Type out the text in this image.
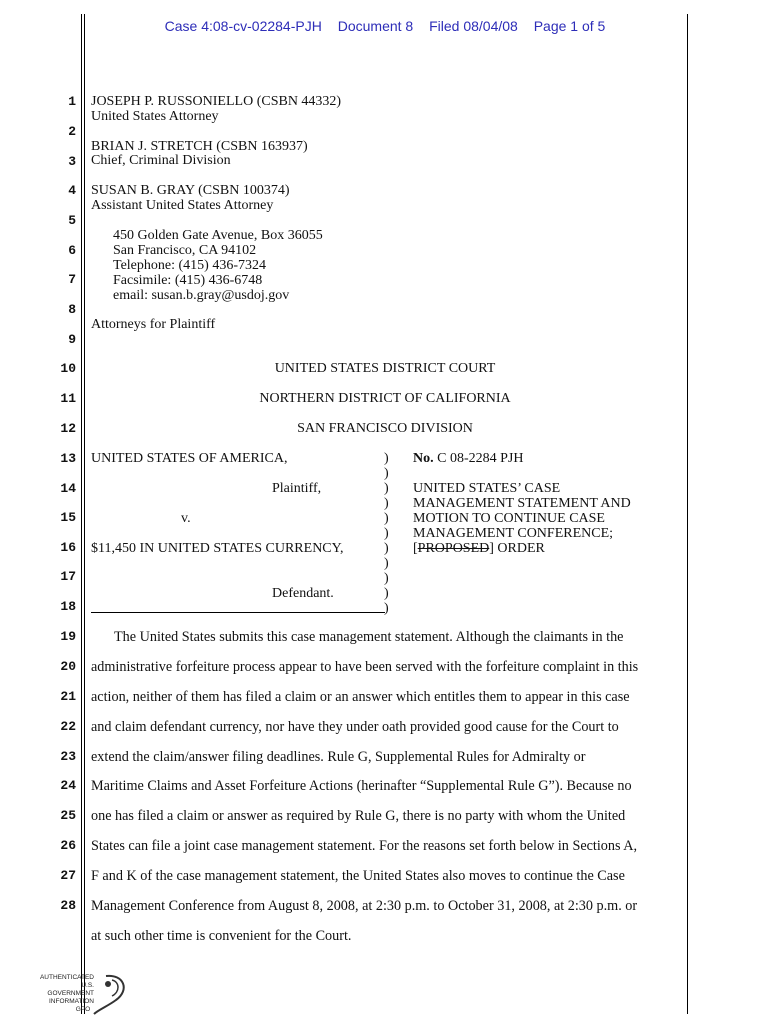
Case 4:08-cv-02284-PJH Document 8 Filed 08/04/08 Page 1 of 5
1
2
3
4
5
6
7
8
9
10
11
12
13
14
15
16
17
18
19
20
21
22
23
24
25
26
27
28
JOSEPH P. RUSSONIELLO (CSBN 44332)
United States Attorney
BRIAN J. STRETCH (CSBN 163937)
Chief, Criminal Division
SUSAN B. GRAY (CSBN 100374)
Assistant United States Attorney
450 Golden Gate Avenue, Box 36055
San Francisco, CA 94102
Telephone: (415) 436-7324
Facsimile: (415) 436-6748
email: susan.b.gray@usdoj.gov
Attorneys for Plaintiff
UNITED STATES DISTRICT COURT
NORTHERN DISTRICT OF CALIFORNIA
SAN FRANCISCO DIVISION
UNITED STATES OF AMERICA,
Plaintiff,
v.
$11,450 IN UNITED STATES CURRENCY,
Defendant.
)
)
)
)
)
)
)
)
)
)
)
No. C 08-2284 PJH
UNITED STATES’ CASE
MANAGEMENT STATEMENT AND
MOTION TO CONTINUE CASE
MANAGEMENT CONFERENCE;
[PROPOSED] ORDER
The United States submits this case management statement. Although the claimants in the
administrative forfeiture process appear to have been served with the forfeiture complaint in this
action, neither of them has filed a claim or an answer which entitles them to appear in this case
and claim defendant currency, nor have they under oath provided good cause for the Court to
extend the claim/answer filing deadlines. Rule G, Supplemental Rules for Admiralty or
Maritime Claims and Asset Forfeiture Actions (herinafter “Supplemental Rule G”). Because no
one has filed a claim or answer as required by Rule G, there is no party with whom the United
States can file a joint case management statement. For the reasons set forth below in Sections A,
F and K of the case management statement, the United States also moves to continue the Case
Management Conference from August 8, 2008, at 2:30 p.m. to October 31, 2008, at 2:30 p.m. or
at such other time is convenient for the Court.
AUTHENTICATED
U.S. GOVERNMENT
INFORMATION
GPO
